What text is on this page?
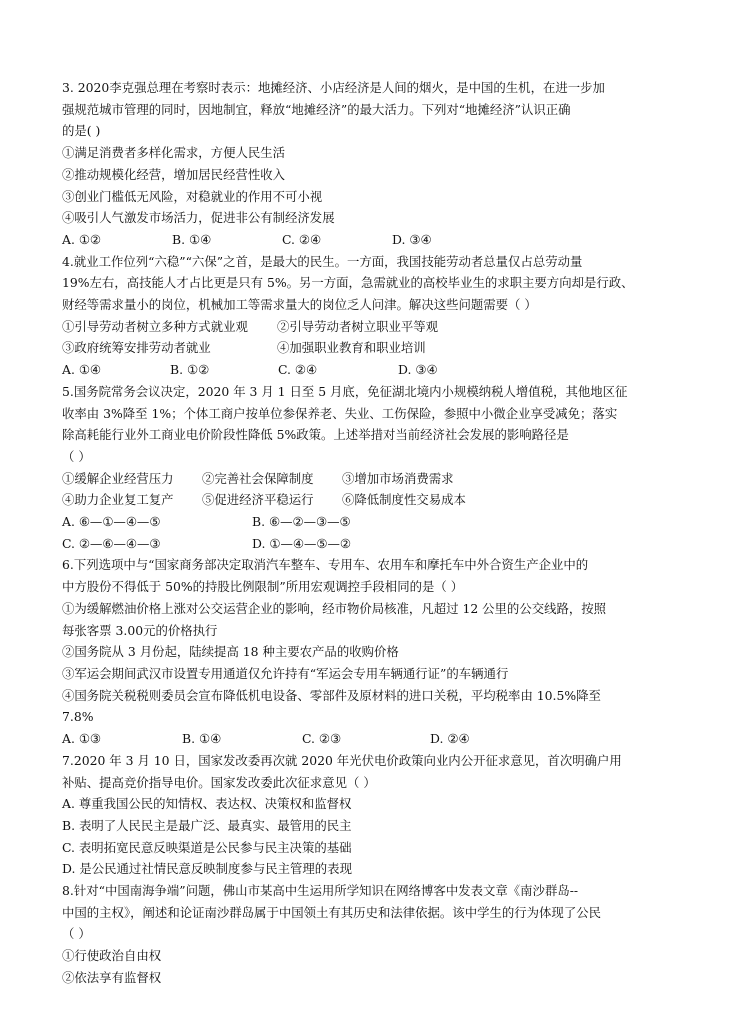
3. 2020李克强总理在考察时表示：地摊经济、小店经济是人间的烟火，是中国的生机，在进一步加
强规范城市管理的同时，因地制宜，释放“地摊经济”的最大活力。下列对“地摊经济”认识正确
的是( )
①满足消费者多样化需求，方便人民生活
②推动规模化经营，增加居民经营性收入
③创业门槛低无风险，对稳就业的作用不可小视
④吸引人气激发市场活力，促进非公有制经济发展
A. ①②	B. ①④	C. ②④	D. ③④
4.就业工作位列“六稳”“六保”之首，是最大的民生。一方面，我国技能劳动者总量仅占总劳动量
19%左右，高技能人才占比更是只有 5%。另一方面，急需就业的高校毕业生的求职主要方向却是行政、
财经等需求量小的岗位，机械加工等需求量大的岗位乏人问津。解决这些问题需要（ ）
①引导劳动者树立多种方式就业观	②引导劳动者树立职业平等观
③政府统筹安排劳动者就业	④加强职业教育和职业培训
A. ①④	B. ①②	C. ②④	D. ③④
5.国务院常务会议决定，2020 年 3 月 1 日至 5 月底，免征湖北境内小规模纳税人增值税，其他地区征
收率由 3%降至 1%；个体工商户按单位参保养老、失业、工伤保险，参照中小微企业享受减免；落实
除高耗能行业外工商业电价阶段性降低 5%政策。上述举措对当前经济社会发展的影响路径是
（ ）
①缓解企业经营压力	②完善社会保障制度	③增加市场消费需求
④助力企业复工复产	⑤促进经济平稳运行	⑥降低制度性交易成本
A. ⑥—①—④—⑤	B. ⑥—②—③—⑤
C. ②—⑥—④—③	D. ①—④—⑤—②
6.下列选项中与“国家商务部决定取消汽车整车、专用车、农用车和摩托车中外合资生产企业中的
中方股份不得低于 50%的持股比例限制”所用宏观调控手段相同的是（ ）
①为缓解燃油价格上涨对公交运营企业的影响，经市物价局核准，凡超过 12 公里的公交线路，按照
每张客票 3.00元的价格执行
②国务院从 3 月份起，陆续提高 18 种主要农产品的收购价格
③军运会期间武汉市设置专用通道仅允许持有“军运会专用车辆通行证”的车辆通行
④国务院关税税则委员会宣布降低机电设备、零部件及原材料的进口关税，平均税率由 10.5%降至
7.8%
A. ①③	B. ①④	C. ②③	D. ②④
7.2020 年 3 月 10 日，国家发改委再次就 2020 年光伏电价政策向业内公开征求意见，首次明确户用
补贴、提高竞价指导电价。国家发改委此次征求意见（ ）
A. 尊重我国公民的知情权、表达权、决策权和监督权
B. 表明了人民民主是最广泛、最真实、最管用的民主
C. 表明拓宽民意反映渠道是公民参与民主决策的基础
D. 是公民通过社情民意反映制度参与民主管理的表现
8.针对“中国南海争端”问题，佛山市某高中生运用所学知识在网络博客中发表文章《南沙群岛--
中国的主权》，阐述和论证南沙群岛属于中国领土有其历史和法律依据。该中学生的行为体现了公民
（ ）
①行使政治自由权
②依法享有监督权
